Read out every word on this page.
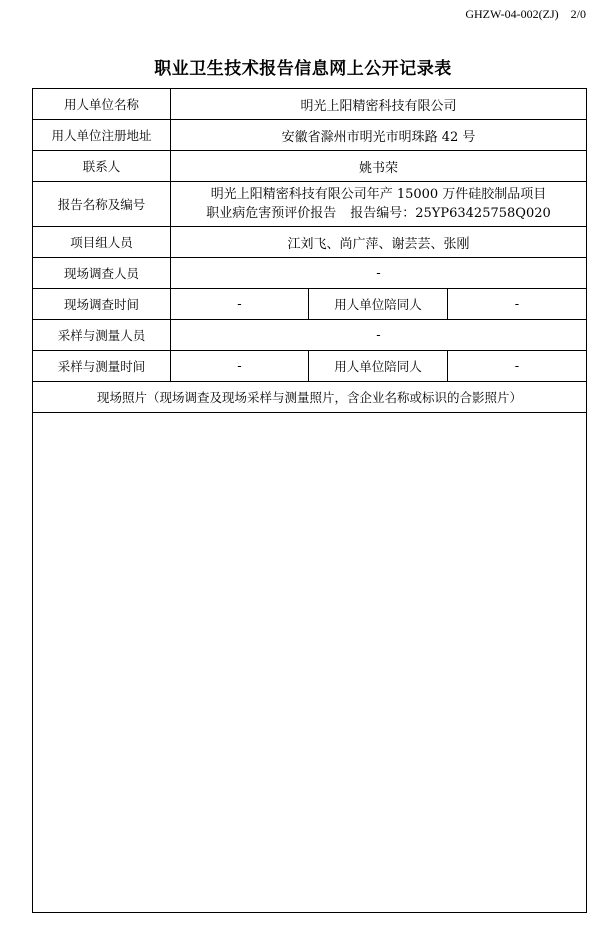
GHZW-04-002(ZJ) 2/0
职业卫生技术报告信息网上公开记录表
用人单位名称	明光上阳精密科技有限公司		
用人单位注册地址	安徽省滁州市明光市明珠路 42 号		
联系人	姚书荣		
报告名称及编号	明光上阳精密科技有限公司年产 15000 万件硅胶制品项目
职业病危害预评价报告 报告编号：25YP63425758Q020		

项目组人员	江刘飞、尚广萍、谢芸芸、张刚		
现场调查人员	-		
现场调查时间	-	用人单位陪同人	-
采样与测量人员	-		
采样与测量时间	-	用人单位陪同人	-
现场照片（现场调查及现场采样与测量照片，含企业名称或标识的合影照片）			
